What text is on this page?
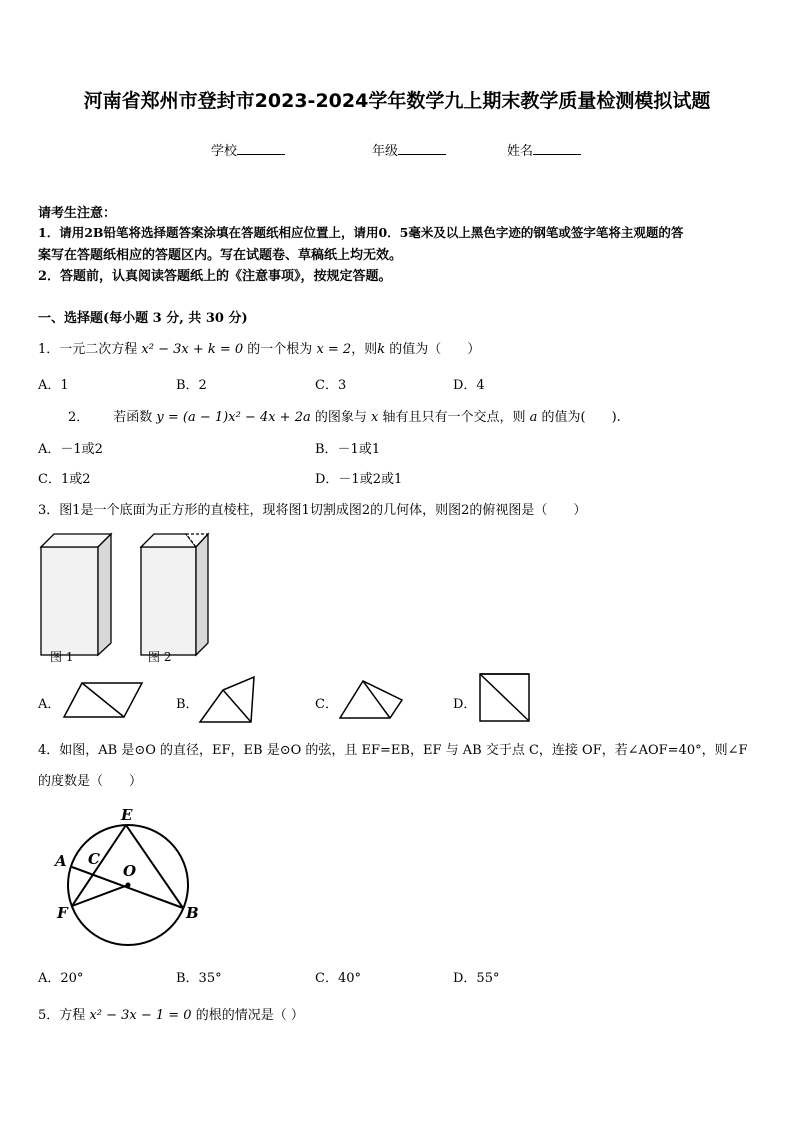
河南省郑州市登封市2023-2024学年数学九上期末教学质量检测模拟试题
学校	年级	姓名
请考生注意：
1．请用2B铅笔将选择题答案涂填在答题纸相应位置上，请用0．5毫米及以上黑色字迹的钢笔或签字笔将主观题的答
案写在答题纸相应的答题区内。写在试题卷、草稿纸上均无效。
2．答题前，认真阅读答题纸上的《注意事项》，按规定答题。
一、选择题(每小题 3 分, 共 30 分)
1．一元二次方程 x² − 3x + k = 0 的一个根为 x = 2，则k 的值为（　　）
A．1	B．2	C．3	D．4
2． 若函数 y = (a − 1)x² − 4x + 2a 的图象与 x 轴有且只有一个交点，则 a 的值为(　　).
A．－1或2	B．－1或1
C．1或2	D．－1或2或1
3．图1是一个底面为正方形的直棱柱，现将图1切割成图2的几何体，则图2的俯视图是（　　）
图 1	图 2
A．	B．	C．	D．
4．如图，AB 是⊙O 的直径，EF，EB 是⊙O 的弦，且 EF=EB，EF 与 AB 交于点 C，连接 OF，若∠AOF=40°，则∠F
的度数是（　　）
E
A C
O
F	B
A．20°	B．35°	C．40°	D．55°
5．方程 x² − 3x − 1 = 0 的根的情况是（ ）
